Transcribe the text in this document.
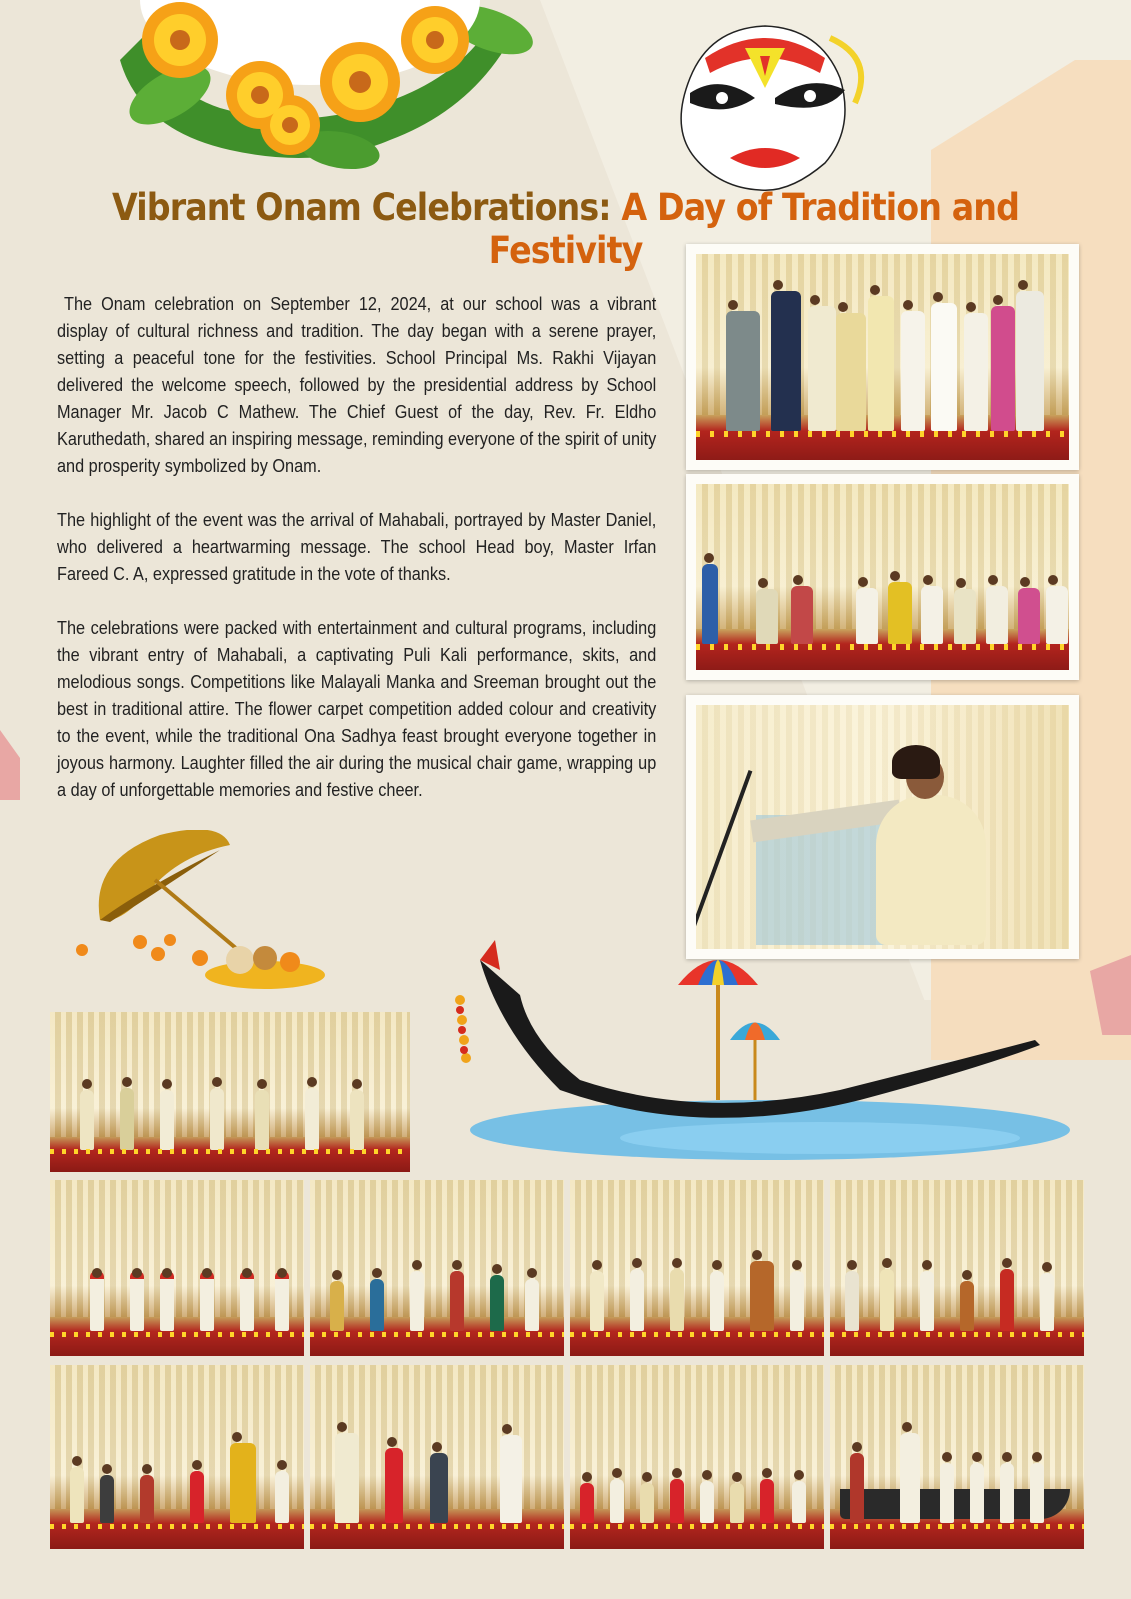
Vibrant Onam Celebrations: A Day of Tradition and Festivity

The Onam celebration on September 12, 2024, at our school was a vibrant display of cultural richness and tradition. The day began with a serene prayer, setting a peaceful tone for the festivities. School Principal Ms. Rakhi Vijayan delivered the welcome speech, followed by the presidential address by School Manager Mr. Jacob C Mathew. The Chief Guest of the day, Rev. Fr. Eldho Karuthedath, shared an inspiring message, reminding everyone of the spirit of unity and prosperity symbolized by Onam.

The highlight of the event was the arrival of Mahabali, portrayed by Master Daniel, who delivered a heartwarming message. The school Head boy, Master Irfan Fareed C. A, expressed gratitude in the vote of thanks.

The celebrations were packed with entertainment and cultural programs, including the vibrant entry of Mahabali, a captivating Puli Kali performance, skits, and melodious songs. Competitions like Malayali Manka and Sreeman brought out the best in traditional attire. The flower carpet competition added colour and creativity to the event, while the traditional Ona Sadhya feast brought everyone together in joyous harmony. Laughter filled the air during the musical chair game, wrapping up a day of unforgettable memories and festive cheer.
